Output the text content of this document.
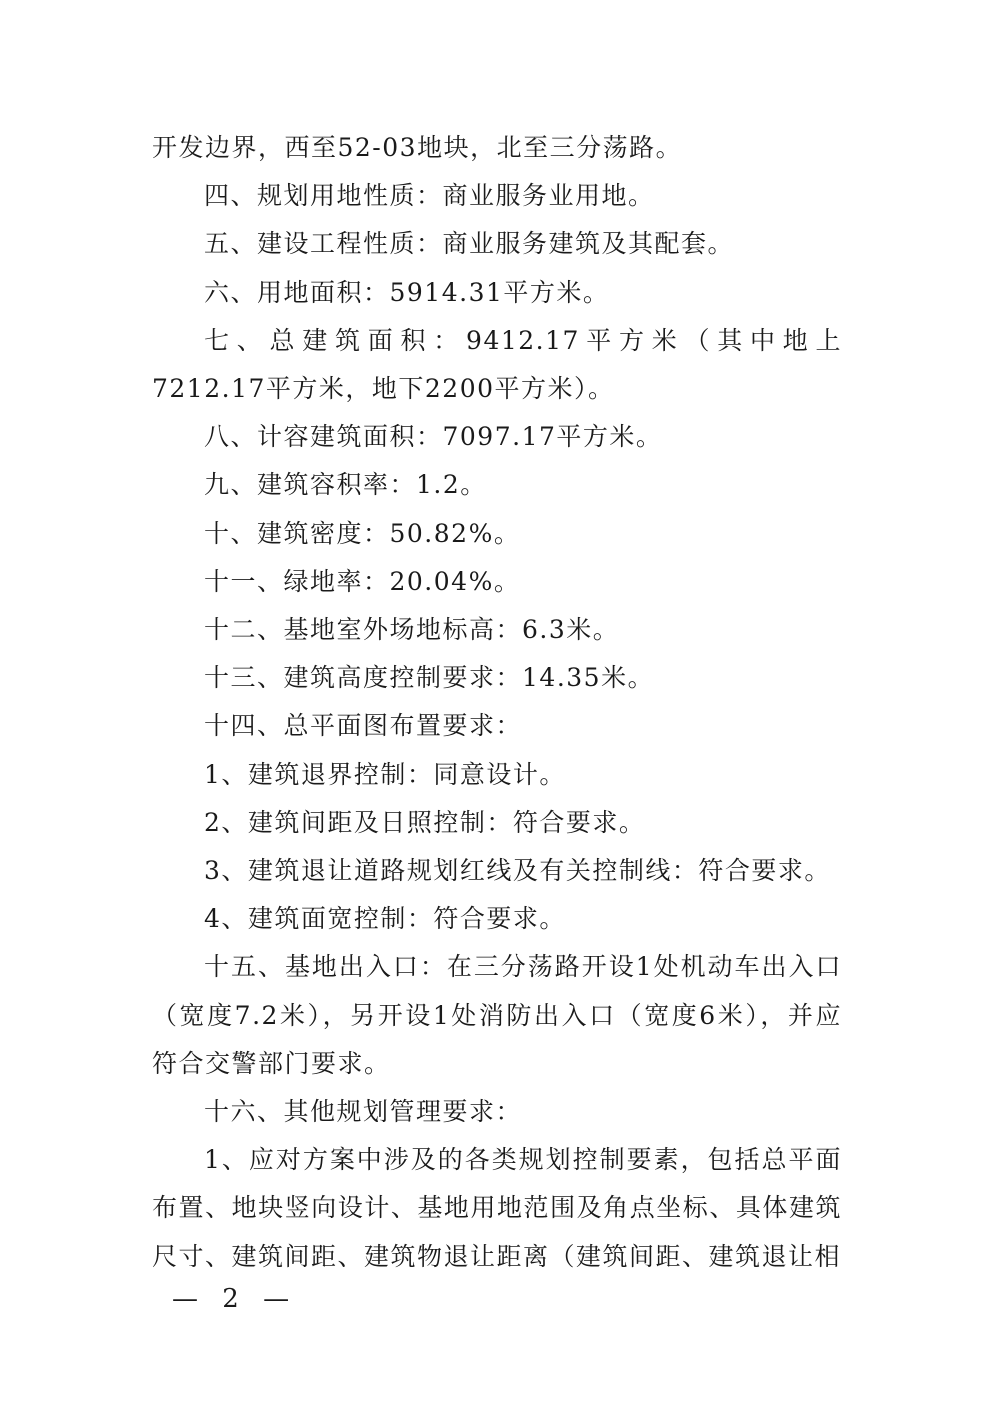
开发边界，西至52-03地块，北至三分荡路。

四、规划用地性质：商业服务业用地。

五、建设工程性质：商业服务建筑及其配套。

六、用地面积：5914.31平方米。

七、总建筑面积：9412.17平方米（其中地上7212.17平方米，地下2200平方米）。

八、计容建筑面积：7097.17平方米。

九、建筑容积率：1.2。

十、建筑密度：50.82%。

十一、绿地率：20.04%。

十二、基地室外场地标高：6.3米。

十三、建筑高度控制要求：14.35米。

十四、总平面图布置要求：

1、建筑退界控制：同意设计。

2、建筑间距及日照控制：符合要求。

3、建筑退让道路规划红线及有关控制线：符合要求。

4、建筑面宽控制：符合要求。

十五、基地出入口：在三分荡路开设1处机动车出入口（宽度7.2米），另开设1处消防出入口（宽度6米），并应符合交警部门要求。

十六、其他规划管理要求：

1、应对方案中涉及的各类规划控制要素，包括总平面布置、地块竖向设计、基地用地范围及角点坐标、具体建筑尺寸、建筑间距、建筑物退让距离（建筑间距、建筑退让相

— 2 —
